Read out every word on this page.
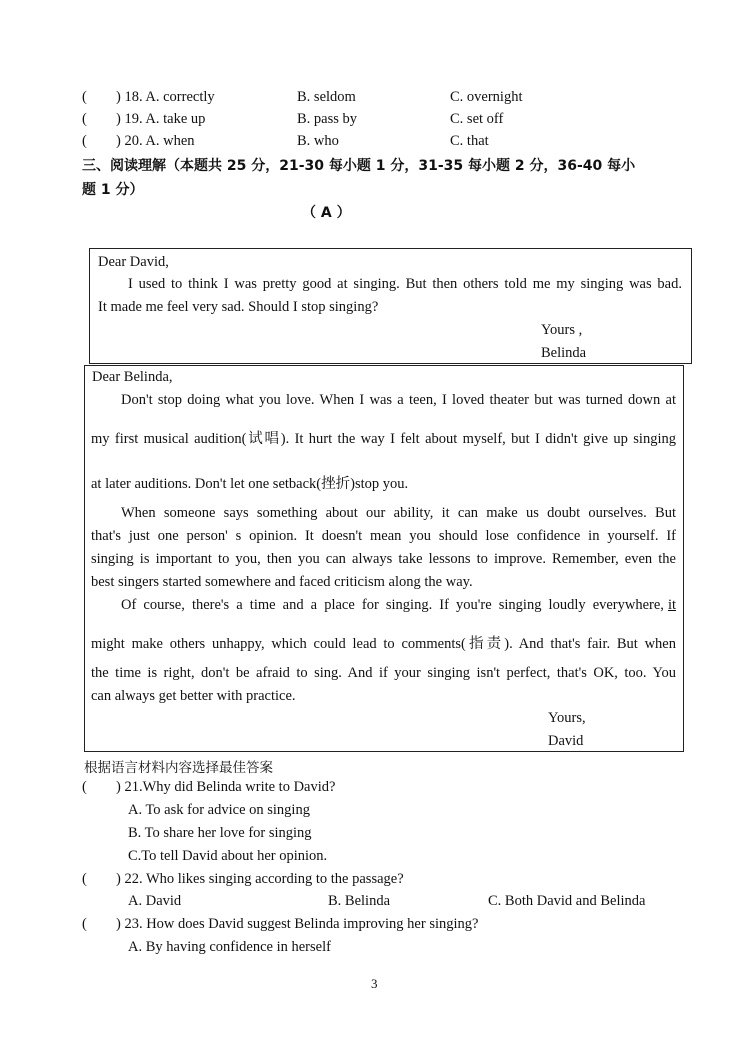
( ) 18. A. correctly	B. seldom	C. overnight
( ) 19. A. take up	B. pass by	C. set off
( ) 20. A. when	B. who	C. that
三、阅读理解（本题共 25 分，21-30 每小题 1 分，31-35 每小题 2 分，36-40 每小
题 1 分）
（ A ）
Dear David,
I used to think I was pretty good at singing. But then others told me my singing was bad.
It made me feel very sad. Should I stop singing?
Yours ,
Belinda
Dear Belinda,
Don't stop doing what you love. When I was a teen, I loved theater but was turned down at
my first musical audition(试唱). It hurt the way I felt about myself, but I didn't give up singing
at later auditions. Don't let one setback(挫折)stop you.
When someone says something about our ability, it can make us doubt ourselves. But
that's just one person' s opinion. It doesn't mean you should lose confidence in yourself. If
singing is important to you, then you can always take lessons to improve. Remember, even the
best singers started somewhere and faced criticism along the way.
Of course, there's a time and a place for singing. If you're singing loudly everywhere, it
might make others unhappy, which could lead to comments(指责). And that's fair. But when
the time is right, don't be afraid to sing. And if your singing isn't perfect, that's OK, too. You
can always get better with practice.
Yours,
David
根据语言材料内容选择最佳答案
( ) 21.Why did Belinda write to David?
A. To ask for advice on singing
B. To share her love for singing
C.To tell David about her opinion.
( ) 22. Who likes singing according to the passage?
A. David	B. Belinda	C. Both David and Belinda
( ) 23. How does David suggest Belinda improving her singing?
A. By having confidence in herself
3
